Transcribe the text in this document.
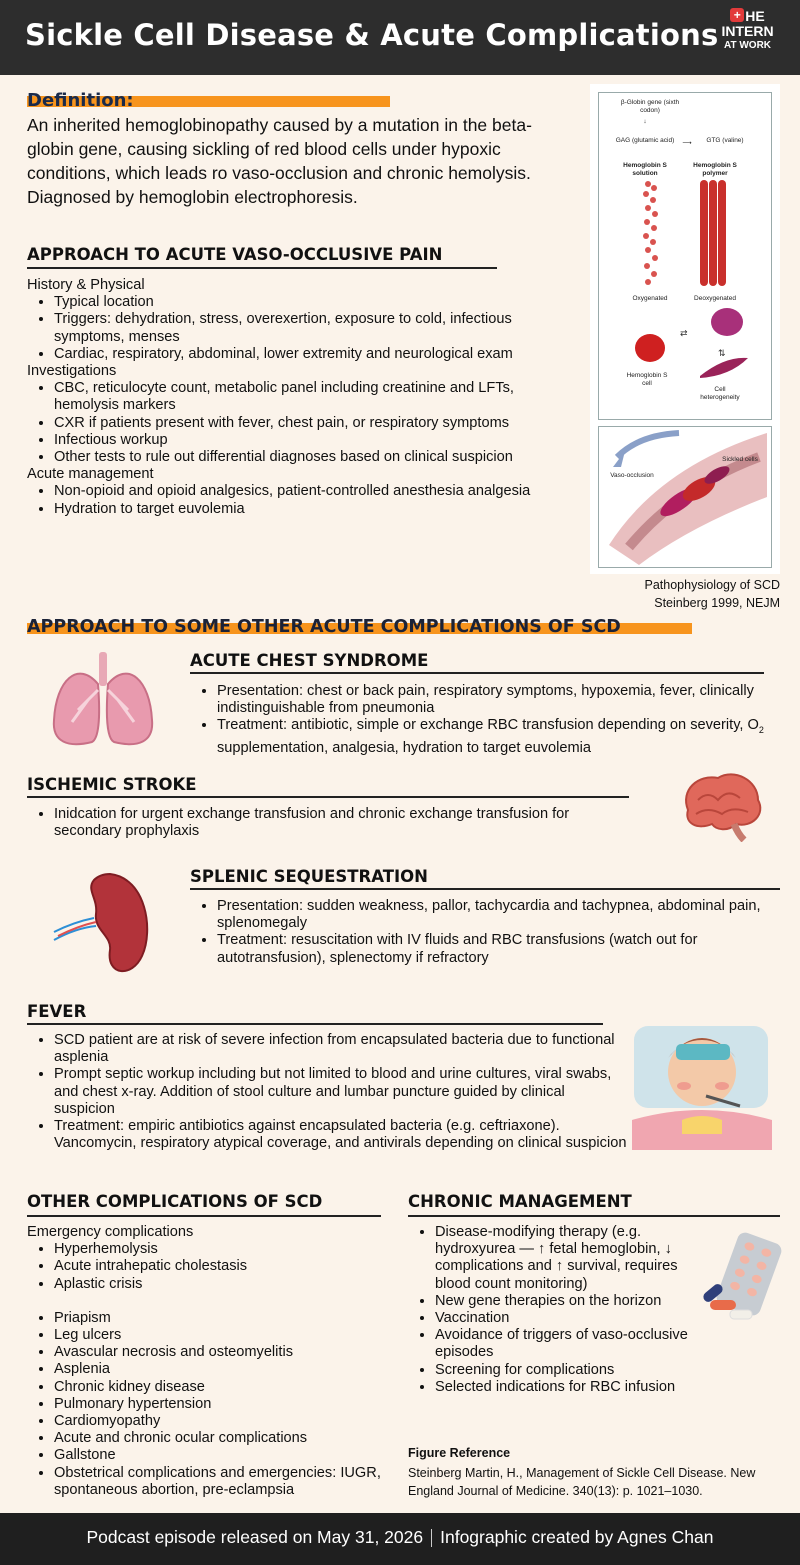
Sickle Cell Disease & Acute Complications
+ HE
INTERN
AT WORK
Definition:
An inherited hemoglobinopathy caused by a mutation in the beta-globin gene, causing sickling of red blood cells under hypoxic conditions, which leads ro vaso-occlusion and chronic hemolysis. Diagnosed by hemoglobin electrophoresis.
APPROACH TO ACUTE VASO-OCCLUSIVE PAIN

History & Physical

• Typical location
• Triggers: dehydration, stress, overexertion, exposure to cold, infectious symptoms, menses
• Cardiac, respiratory, abdominal, lower extremity and neurological exam

Investigations

• CBC, reticulocyte count, metabolic panel including creatinine and LFTs, hemolysis markers
• CXR if patients present with fever, chest pain, or respiratory symptoms
• Infectious workup
• Other tests to rule out differential diagnoses based on clinical suspicion

Acute management

• Non-opioid and opioid analgesics, patient-controlled anesthesia analgesia
• Hydration to target euvolemia
β-Globin gene (sixth codon)
↓
GAG (glutamic acid)	GTG (valine)
⟶
Hemoglobin S solution
Hemoglobin S polymer
Oxygenated	Deoxygenated
⇄
⇅
Hemoglobin S cell
Cell heterogeneity
Vaso-occlusion
Sickled cells
Pathophysiology of SCD
Steinberg 1999, NEJM
APPROACH TO SOME OTHER ACUTE COMPLICATIONS OF SCD
ACUTE CHEST SYNDROME
• Presentation: chest or back pain, respiratory symptoms, hypoxemia, fever, clinically indistinguishable from pneumonia
• Treatment: antibiotic, simple or exchange RBC transfusion depending on severity, $O_2$ supplementation, analgesia, hydration to target euvolemia
ISCHEMIC STROKE
• Inidcation for urgent exchange transfusion and chronic exchange transfusion for secondary prophylaxis
SPLENIC SEQUESTRATION
• Presentation: sudden weakness, pallor, tachycardia and tachypnea, abdominal pain, splenomegaly
• Treatment: resuscitation with IV fluids and RBC transfusions (watch out for autotransfusion), splenectomy if refractory
FEVER
• SCD patient are at risk of severe infection from encapsulated bacteria due to functional asplenia
• Prompt septic workup including but not limited to blood and urine cultures, viral swabs, and chest x-ray. Addition of stool culture and lumbar puncture guided by clinical suspicion
• Treatment: empiric antibiotics against encapsulated bacteria (e.g. ceftriaxone). Vancomycin, respiratory atypical coverage, and antivirals depending on clinical suspicion
OTHER COMPLICATIONS OF SCD

Emergency complications

• Hyperhemolysis
• Acute intrahepatic cholestasis
• Aplastic crisis
• Priapism
• Leg ulcers
• Avascular necrosis and osteomyelitis
• Asplenia
• Chronic kidney disease
• Pulmonary hypertension
• Cardiomyopathy
• Acute and chronic ocular complications
• Gallstone
• Obstetrical complications and emergencies: IUGR, spontaneous abortion, pre-eclampsia
CHRONIC MANAGEMENT
• Disease-modifying therapy (e.g. hydroxyurea — ↑ fetal hemoglobin, ↓ complications and ↑ survival, requires blood count monitoring)
• New gene therapies on the horizon
• Vaccination
• Avoidance of triggers of vaso-occlusive episodes
• Screening for complications
• Selected indications for RBC infusion
Figure Reference
Steinberg Martin, H., Management of Sickle Cell Disease. New England Journal of Medicine. 340(13): p. 1021–1030.
Podcast episode released on May 31, 2026 Infographic created by Agnes Chan
